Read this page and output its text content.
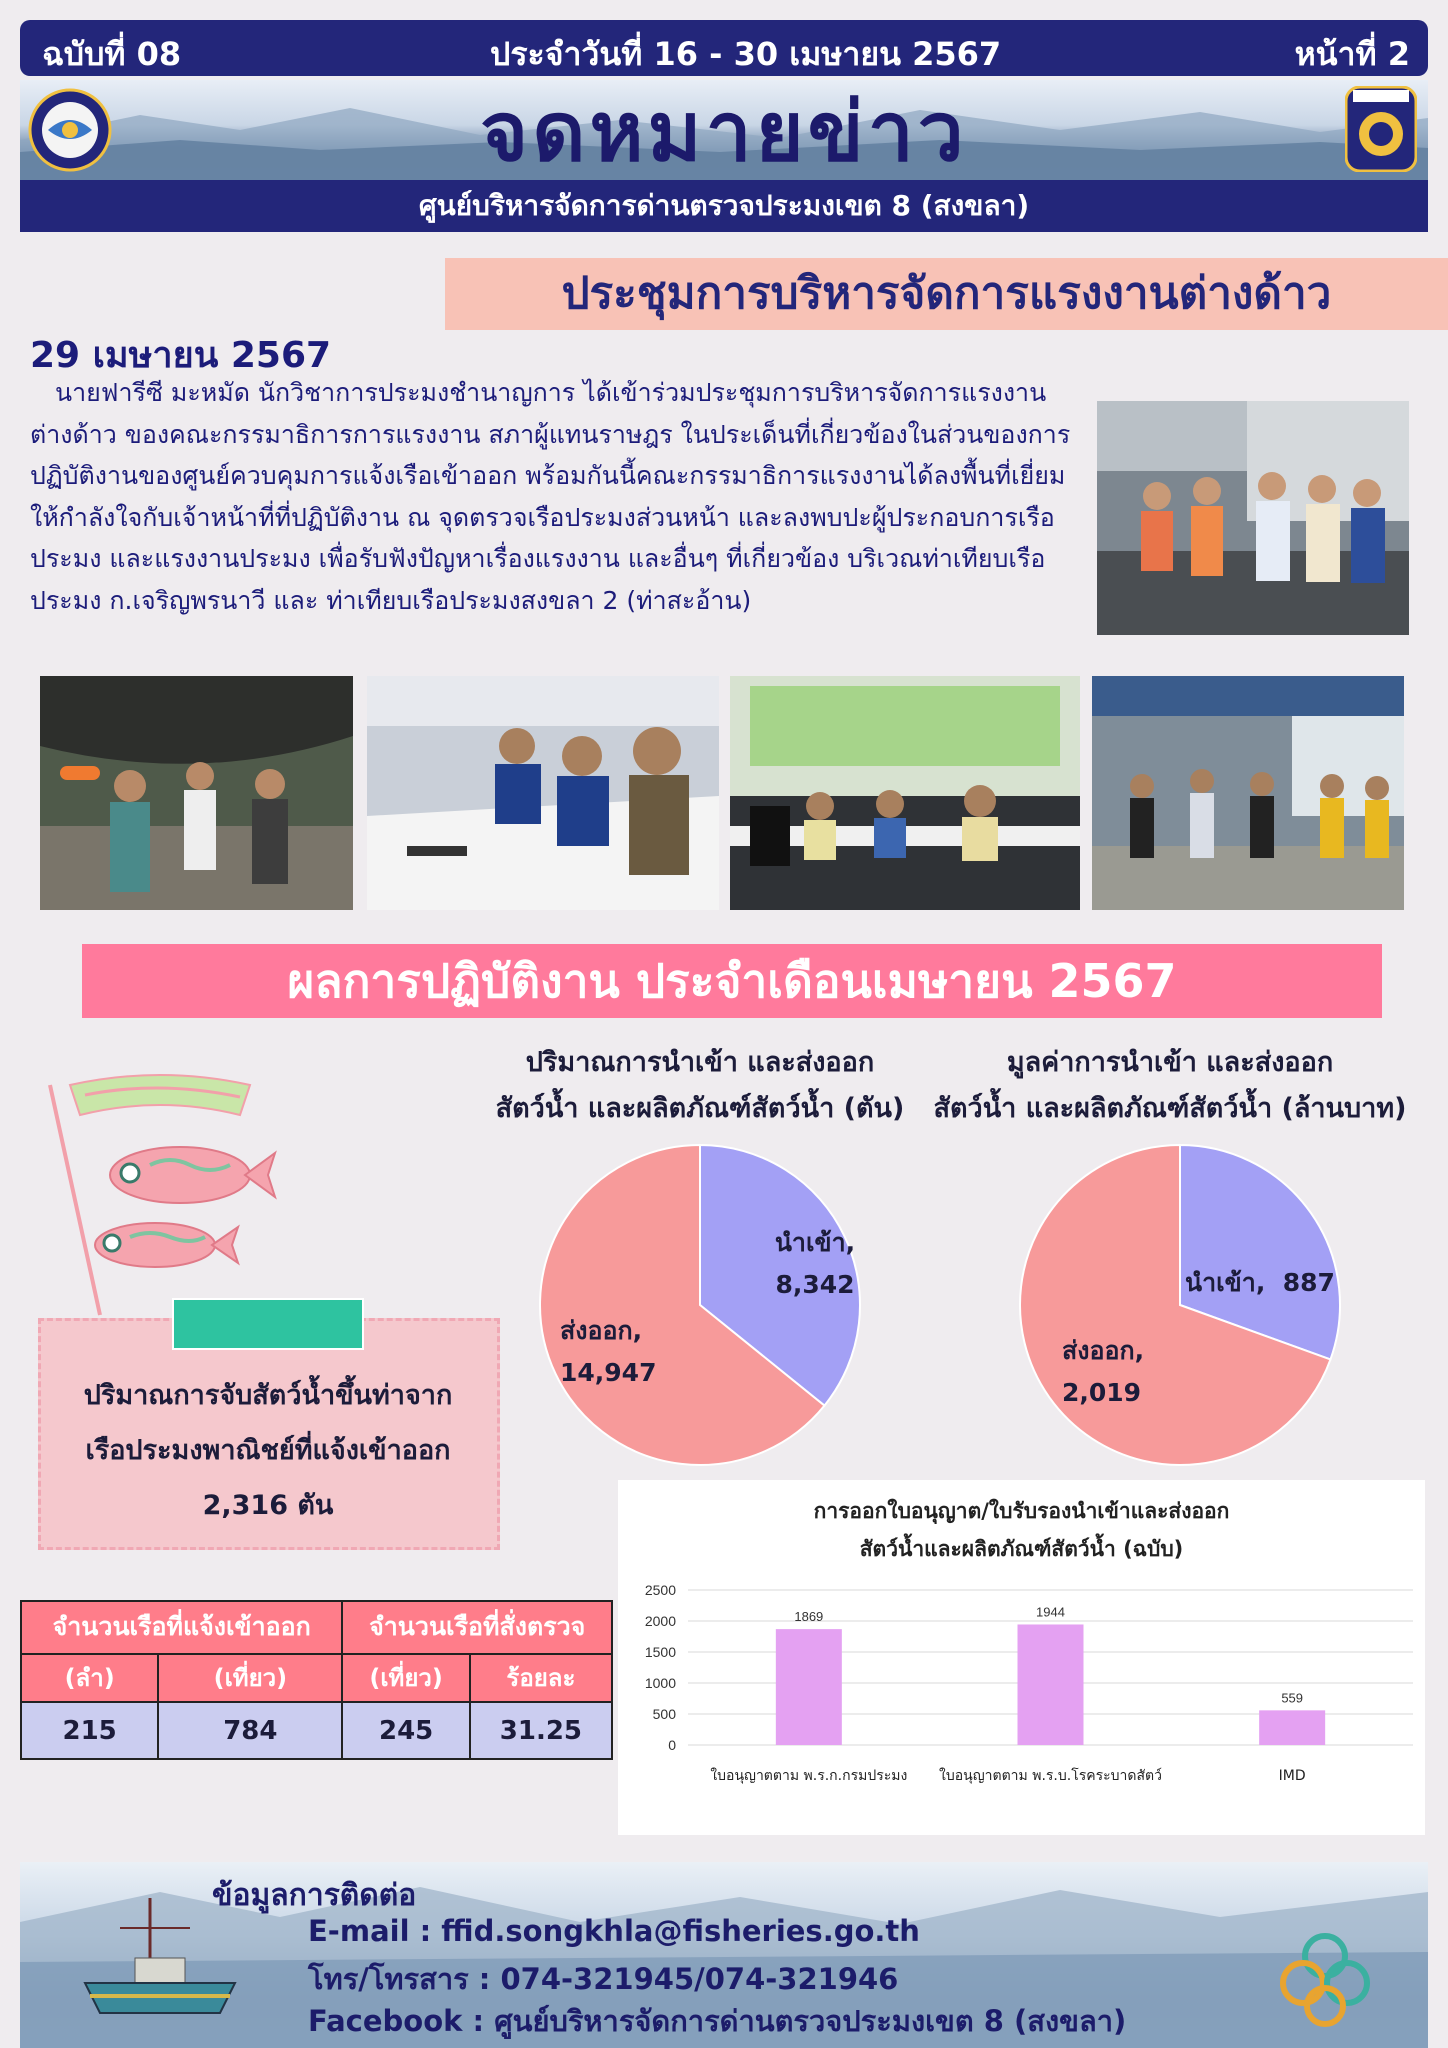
ฉบับที่ 08	ประจำวันที่ 16 - 30 เมษายน 2567	หน้าที่ 2
จดหมายข่าว
ศูนย์บริหารจัดการด่านตรวจประมงเขต 8 (สงขลา)
ประชุมการบริหารจัดการแรงงานต่างด้าว
29 เมษายน 2567
นายฟารีซี มะหมัด นักวิชาการประมงชำนาญการ ได้เข้าร่วมประชุมการบริหารจัดการแรงงานต่างด้าว ของคณะกรรมาธิการการแรงงาน สภาผู้แทนราษฎร ในประเด็นที่เกี่ยวข้องในส่วนของการปฏิบัติงานของศูนย์ควบคุมการแจ้งเรือเข้าออก พร้อมกันนี้คณะกรรมาธิการแรงงานได้ลงพื้นที่เยี่ยมให้กำลังใจกับเจ้าหน้าที่ที่ปฏิบัติงาน ณ จุดตรวจเรือประมงส่วนหน้า และลงพบปะผู้ประกอบการเรือประมง และแรงงานประมง เพื่อรับฟังปัญหาเรื่องแรงงาน และอื่นๆ ที่เกี่ยวข้อง บริเวณท่าเทียบเรือประมง ก.เจริญพรนาวี และ ท่าเทียบเรือประมงสงขลา 2 (ท่าสะอ้าน)
ผลการปฏิบัติงาน ประจำเดือนเมษายน 2567
ปริมาณการนำเข้า และส่งออก
สัตว์น้ำ และผลิตภัณฑ์สัตว์น้ำ (ตัน)
มูลค่าการนำเข้า และส่งออก
สัตว์น้ำ และผลิตภัณฑ์สัตว์น้ำ (ล้านบาท)
นำเข้า,
8,342
ส่งออก,
14,947
นำเข้า,  887
ส่งออก,
2,019
ปริมาณการจับสัตว์น้ำขึ้นท่าจาก
เรือประมงพาณิชย์ที่แจ้งเข้าออก
2,316 ตัน
จำนวนเรือที่แจ้งเข้าออก		จำนวนเรือที่สั่งตรวจ	
(ลำ)	(เที่ยว)	(เที่ยว)	ร้อยละ
215	784	245	31.25
การออกใบอนุญาต/ใบรับรองนำเข้าและส่งออก
สัตว์น้ำและผลิตภัณฑ์สัตว์น้ำ (ฉบับ)
0
500
1000
1500
2000
2500
1869
ใบอนุญาตตาม พ.ร.ก.กรมประมง
1944
ใบอนุญาตตาม พ.ร.บ.โรคระบาดสัตว์
559
IMD
ข้อมูลการติดต่อ
E-mail : ffid.songkhla@fisheries.go.th
โทร/โทรสาร : 074-321945/074-321946
Facebook : ศูนย์บริหารจัดการด่านตรวจประมงเขต 8 (สงขลา)
